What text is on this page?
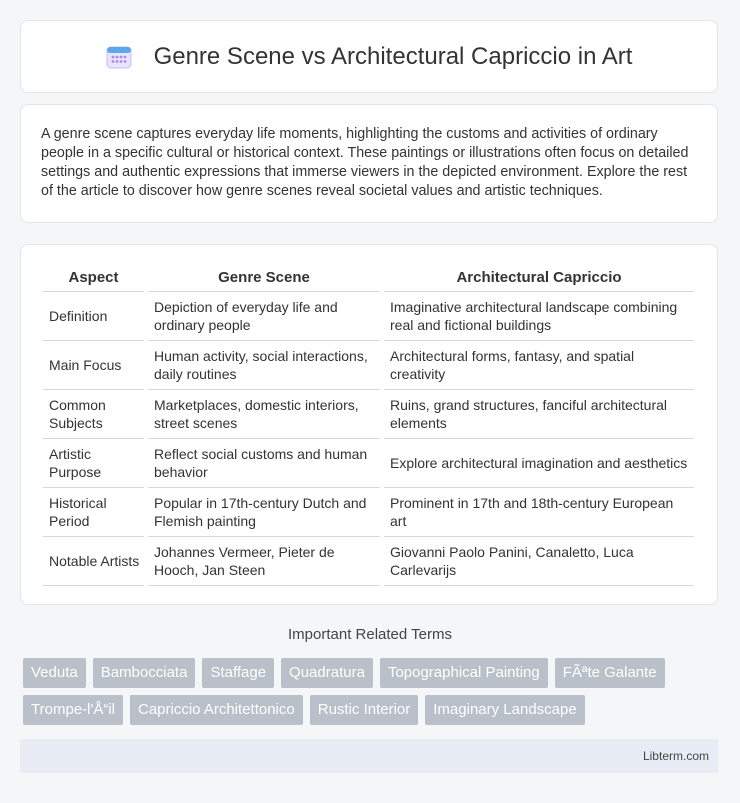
Genre Scene vs Architectural Capriccio in Art
A genre scene captures everyday life moments, highlighting the customs and activities of ordinary people in a specific cultural or historical context. These paintings or illustrations often focus on detailed settings and authentic expressions that immerse viewers in the depicted environment. Explore the rest of the article to discover how genre scenes reveal societal values and artistic techniques.
Aspect	Genre Scene	Architectural Capriccio
Definition	Depiction of everyday life and ordinary people	Imaginative architectural landscape combining real and fictional buildings
Main Focus	Human activity, social interactions, daily routines	Architectural forms, fantasy, and spatial creativity
Common Subjects	Marketplaces, domestic interiors, street scenes	Ruins, grand structures, fanciful architectural elements
Artistic Purpose	Reflect social customs and human behavior	Explore architectural imagination and aesthetics
Historical Period	Popular in 17th-century Dutch and Flemish painting	Prominent in 17th and 18th-century European art
Notable Artists	Johannes Vermeer, Pieter de Hooch, Jan Steen	Giovanni Paolo Panini, Canaletto, Luca Carlevarijs
Important Related Terms
Veduta	Bambocciata	Staffage	Quadratura	Topographical Painting	FÃªte Galante
Trompe-l'Å“il	Capriccio Architettonico	Rustic Interior	Imaginary Landscape
Libterm.com
